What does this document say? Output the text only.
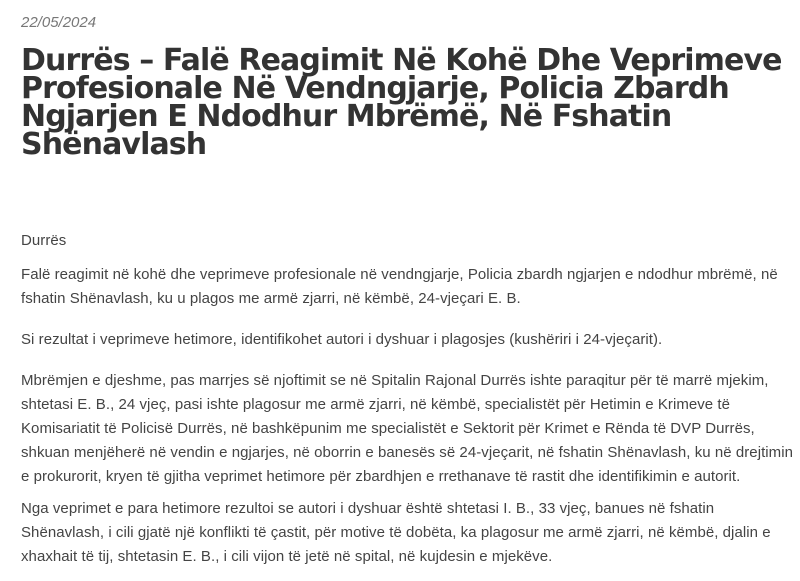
22/05/2024

Durrës – Falë Reagimit Në Kohë Dhe Veprimeve Profesionale Në Vendngjarje, Policia Zbardh Ngjarjen E Ndodhur Mbrëmë, Në Fshatin Shënavlash

Durrës

Falë reagimit në kohë dhe veprimeve profesionale në vendngjarje, Policia zbardh ngjarjen e ndodhur mbrëmë, në fshatin Shënavlash, ku u plagos me armë zjarri, në këmbë, 24-vjeçari E. B.

Si rezultat i veprimeve hetimore, identifikohet autori i dyshuar i plagosjes (kushëriri i 24-vjeçarit).

Mbrëmjen e djeshme, pas marrjes së njoftimit se në Spitalin Rajonal Durrës ishte paraqitur për të marrë mjekim, shtetasi E. B., 24 vjeç, pasi ishte plagosur me armë zjarri, në këmbë, specialistët për Hetimin e Krimeve të Komisariatit të Policisë Durrës, në bashkëpunim me specialistët e Sektorit për Krimet e Rënda të DVP Durrës, shkuan menjëherë në vendin e ngjarjes, në oborrin e banesës së 24-vjeçarit, në fshatin Shënavlash, ku në drejtimin e prokurorit, kryen të gjitha veprimet hetimore për zbardhjen e rrethanave të rastit dhe identifikimin e autorit.

Nga veprimet e para hetimore rezultoi se autori i dyshuar është shtetasi I. B., 33 vjeç, banues në fshatin Shënavlash, i cili gjatë një konflikti të çastit, për motive të dobëta, ka plagosur me armë zjarri, në këmbë, djalin e xhaxhait të tij, shtetasin E. B., i cili vijon të jetë në spital, në kujdesin e mjekëve.
